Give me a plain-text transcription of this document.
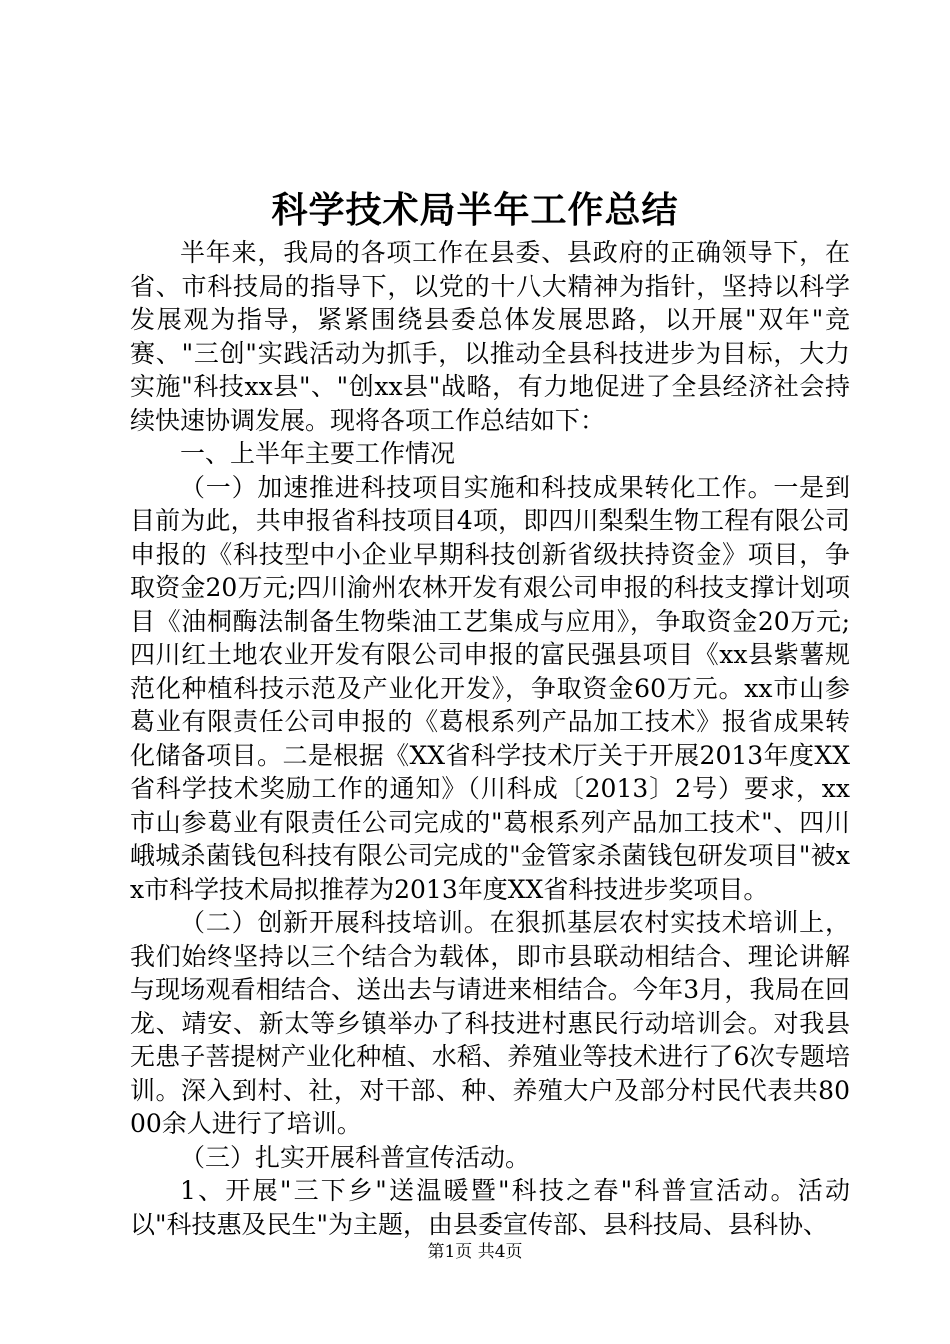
科学技术局半年工作总结

半年来，我局的各项工作在县委、县政府的正确领导下，在省、市科技局的指导下，以党的十八大精神为指针，坚持以科学发展观为指导，紧紧围绕县委总体发展思路，以开展"双年"竞赛、"三创"实践活动为抓手，以推动全县科技进步为目标，大力实施"科技xx县"、"创xx县"战略，有力地促进了全县经济社会持续快速协调发展。现将各项工作总结如下：

一、上半年主要工作情况

（一）加速推进科技项目实施和科技成果转化工作。一是到目前为此，共申报省科技项目4项，即四川梨梨生物工程有限公司申报的《科技型中小企业早期科技创新省级扶持资金》项目，争取资金20万元;四川渝州农林开发有艰公司申报的科技支撑计划项目《油桐酶法制备生物柴油工艺集成与应用》，争取资金20万元;四川红土地农业开发有限公司申报的富民强县项目《xx县紫薯规范化种植科技示范及产业化开发》，争取资金60万元。xx市山参葛业有限责任公司申报的《葛根系列产品加工技术》报省成果转化储备项目。二是根据《XX省科学技术厅关于开展2013年度XX省科学技术奖励工作的通知》（川科成〔2013〕2号）要求，xx市山参葛业有限责任公司完成的"葛根系列产品加工技术"、四川峨城杀菌钱包科技有限公司完成的"金管家杀菌钱包研发项目"被xx市科学技术局拟推荐为2013年度XX省科技进步奖项目。

（二）创新开展科技培训。在狠抓基层农村实技术培训上，我们始终坚持以三个结合为载体，即市县联动相结合、理论讲解与现场观看相结合、送出去与请进来相结合。今年3月，我局在回龙、靖安、新太等乡镇举办了科技进村惠民行动培训会。对我县无患子菩提树产业化种植、水稻、养殖业等技术进行了6次专题培训。深入到村、社，对干部、种、养殖大户及部分村民代表共8000余人进行了培训。

（三）扎实开展科普宣传活动。

1、开展"三下乡"送温暖暨"科技之春"科普宣活动。活动以"科技惠及民生"为主题，由县委宣传部、县科技局、县科协、

第1页 共4页
